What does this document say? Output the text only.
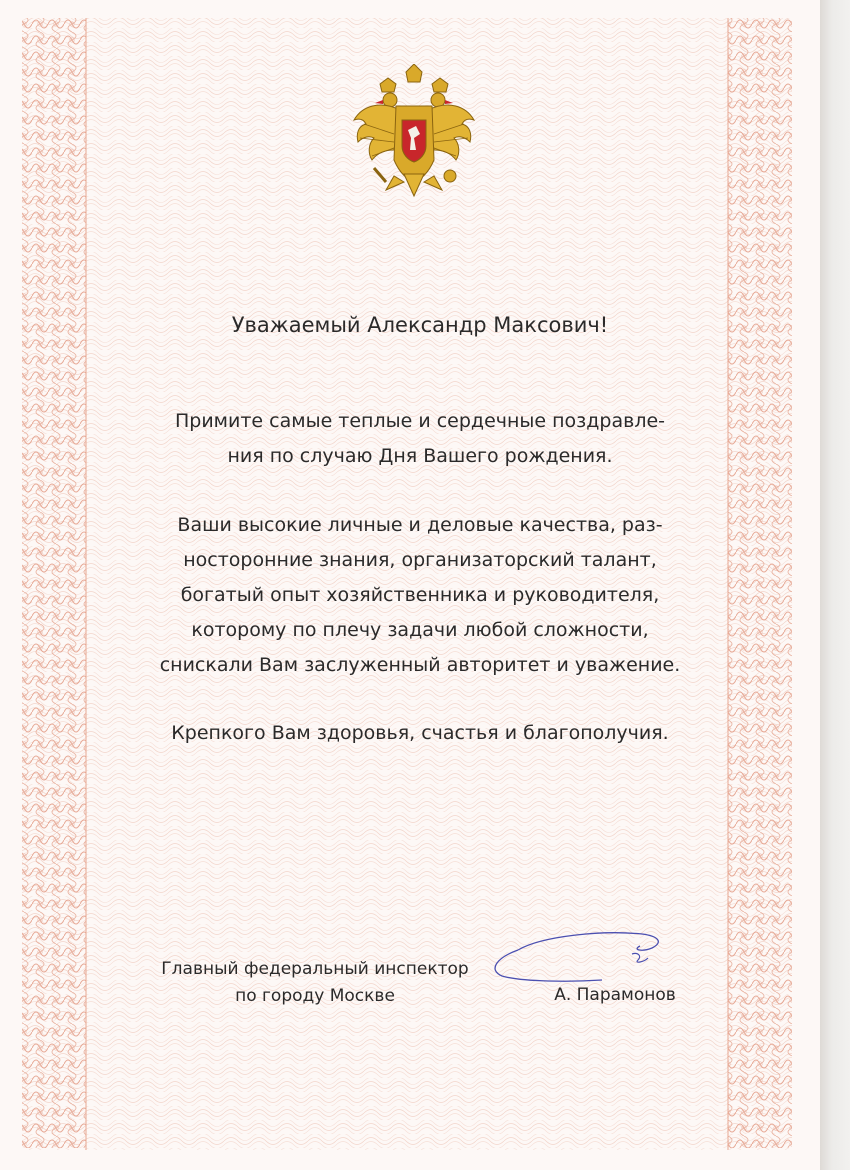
Уважаемый Александр Максович!
Примите самые теплые и сердечные поздравле-
ния по случаю Дня Вашего рождения.
Ваши высокие личные и деловые качества, раз-
носторонние знания, организаторский талант,
богатый опыт хозяйственника и руководителя,
которому по плечу задачи любой сложности,
снискали Вам заслуженный авторитет и уважение.
Крепкого Вам здоровья, счастья и благополучия.
Главный федеральный инспектор
по городу Москве	А. Парамонов
